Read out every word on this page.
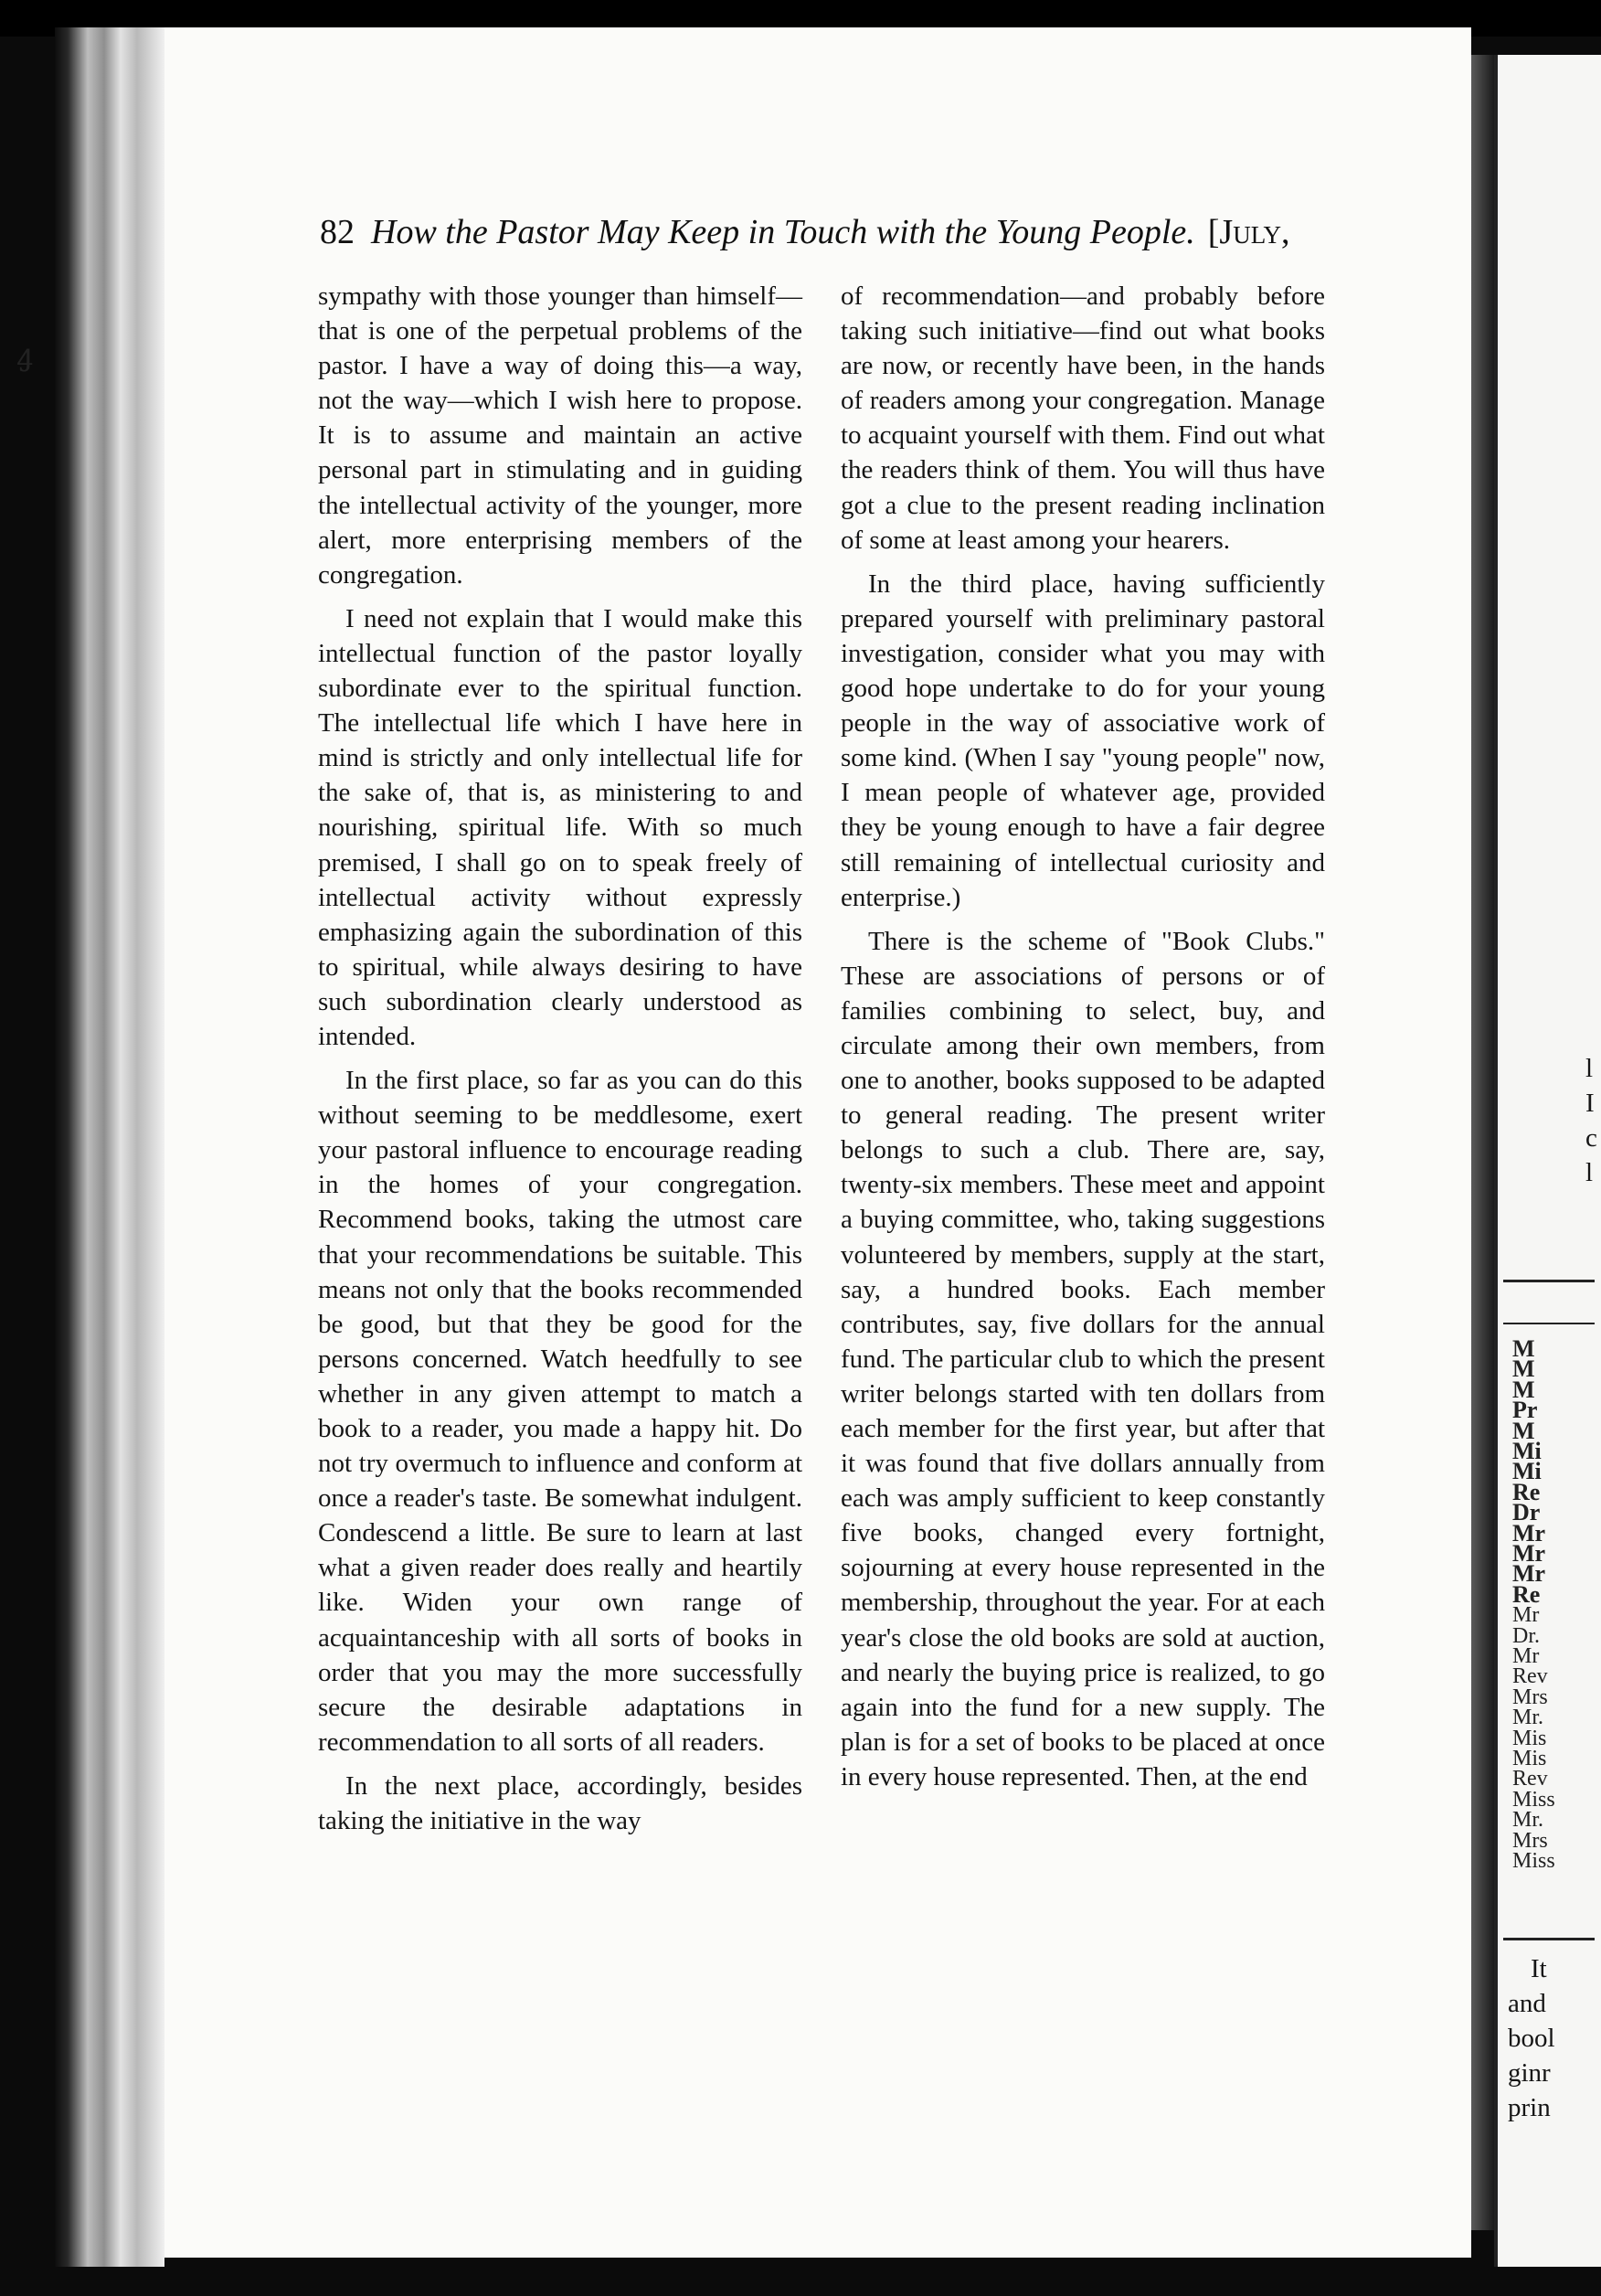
ꜭ
82 How the Pastor May Keep in Touch with the Young People. [July,

sympathy with those younger than himself—that is one of the perpetual problems of the pastor. I have a way of doing this—a way, not the way—which I wish here to propose. It is to assume and maintain an active personal part in stimulating and in guiding the intellectual activity of the younger, more alert, more enterprising members of the congregation.

I need not explain that I would make this intellectual function of the pastor loyally subordinate ever to the spiritual function. The intellectual life which I have here in mind is strictly and only intellectual life for the sake of, that is, as ministering to and nourishing, spiritual life. With so much premised, I shall go on to speak freely of intellectual activity without expressly emphasizing again the subordination of this to spiritual, while always desiring to have such subordination clearly understood as intended.

In the first place, so far as you can do this without seeming to be meddlesome, exert your pastoral influence to encourage reading in the homes of your congregation. Recommend books, taking the utmost care that your recommendations be suitable. This means not only that the books recommended be good, but that they be good for the persons concerned. Watch heedfully to see whether in any given attempt to match a book to a reader, you made a happy hit. Do not try overmuch to influence and conform at once a reader's taste. Be somewhat indulgent. Condescend a little. Be sure to learn at last what a given reader does really and heartily like. Widen your own range of acquaintanceship with all sorts of books in order that you may the more successfully secure the desirable adaptations in recommendation to all sorts of all readers.

In the next place, accordingly, besides taking the initiative in the way

of recommendation—and probably before taking such initiative—find out what books are now, or recently have been, in the hands of readers among your congregation. Manage to acquaint yourself with them. Find out what the readers think of them. You will thus have got a clue to the present reading inclination of some at least among your hearers.

In the third place, having sufficiently prepared yourself with preliminary pastoral investigation, consider what you may with good hope undertake to do for your young people in the way of associative work of some kind. (When I say "young people" now, I mean people of whatever age, provided they be young enough to have a fair degree still remaining of intellectual curiosity and enterprise.)

There is the scheme of "Book Clubs." These are associations of persons or of families combining to select, buy, and circulate among their own members, from one to another, books supposed to be adapted to general reading. The present writer belongs to such a club. There are, say, twenty-six members. These meet and appoint a buying committee, who, taking suggestions volunteered by members, supply at the start, say, a hundred books. Each member contributes, say, five dollars for the annual fund. The particular club to which the present writer belongs started with ten dollars from each member for the first year, but after that it was found that five dollars annually from each was amply sufficient to keep constantly five books, changed every fortnight, sojourning at every house represented in the membership, throughout the year. For at each year's close the old books are sold at auction, and nearly the buying price is realized, to go again into the fund for a new supply. The plan is for a set of books to be placed at once in every house represented. Then, at the end

l
I
c
l
M
M
M
Pr
M
Mi
Mi
Re
Dr
Mr
Mr
Mr
Re
Mr
Dr.
Mr
Rev
Mrs
Mr.
Mis
Mis
Rev
Miss
Mr.
Mrs
Miss
It
and
bool
ginr
prin
